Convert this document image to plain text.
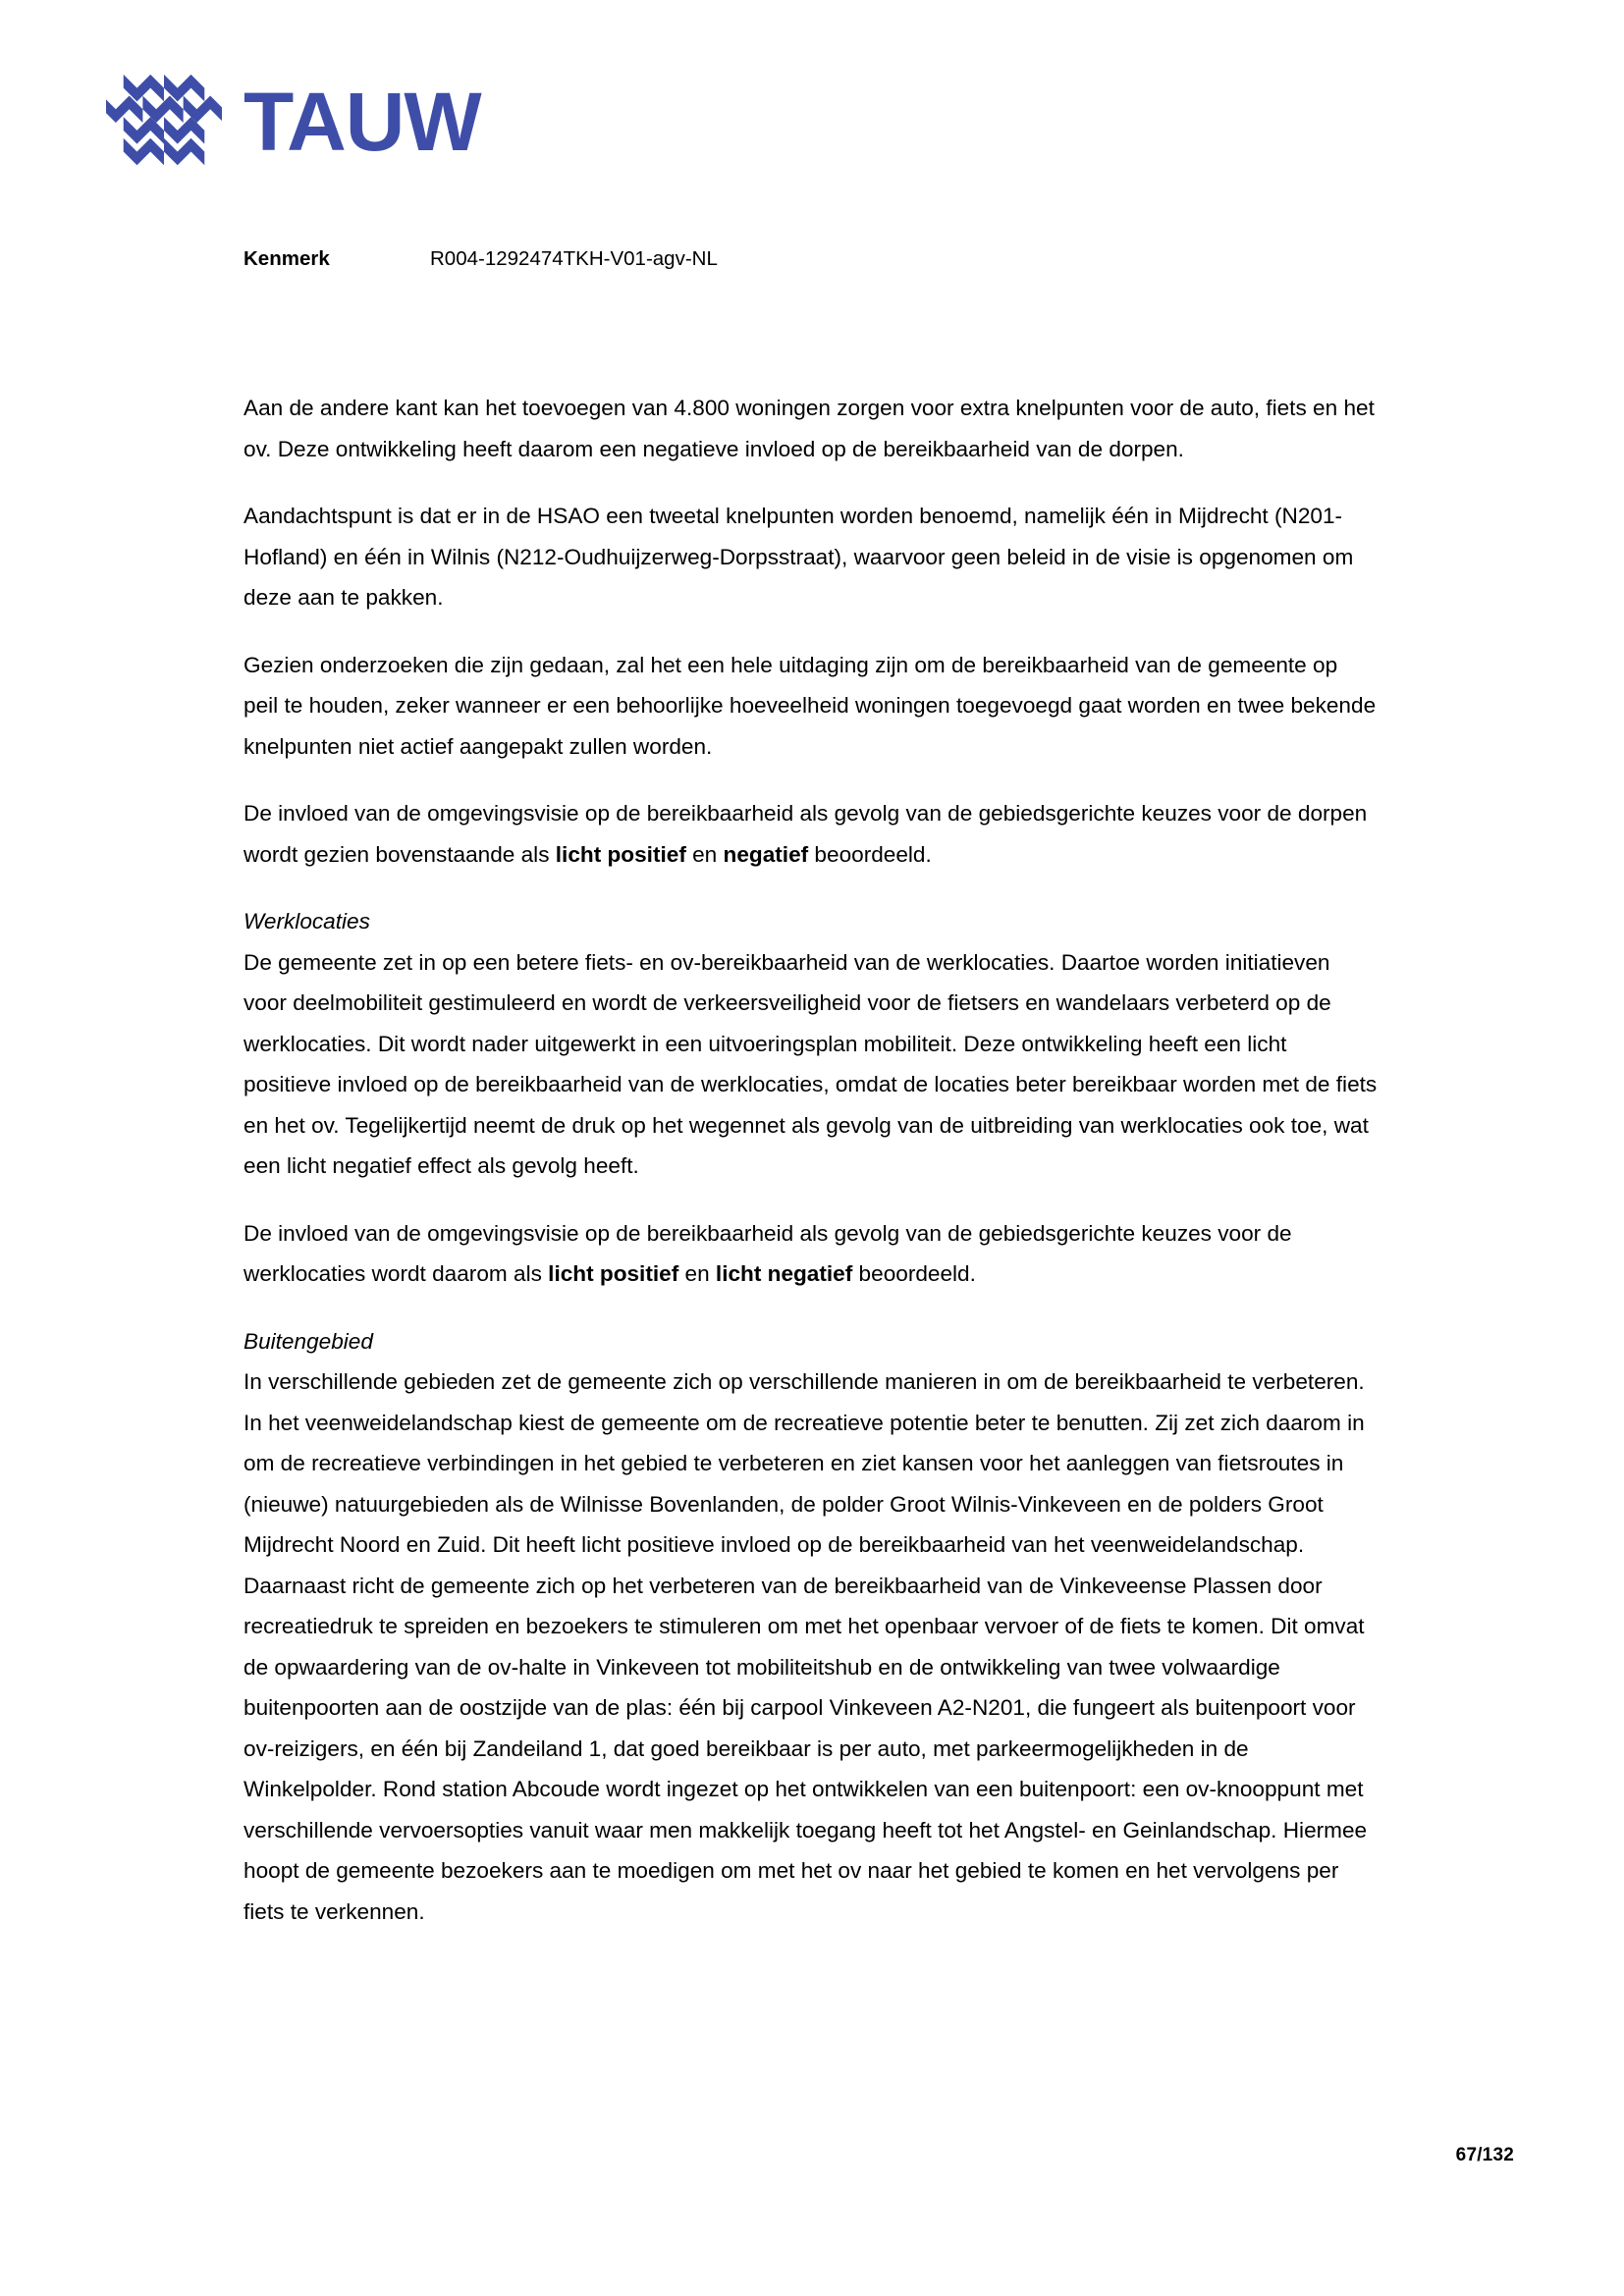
TAUW
Kenmerk	R004-1292474TKH-V01-agv-NL

Aan de andere kant kan het toevoegen van 4.800 woningen zorgen voor extra knelpunten voor de auto, fiets en het ov. Deze ontwikkeling heeft daarom een negatieve invloed op de bereikbaarheid van de dorpen.

Aandachtspunt is dat er in de HSAO een tweetal knelpunten worden benoemd, namelijk één in Mijdrecht (N201-Hofland) en één in Wilnis (N212-Oudhuijzerweg-Dorpsstraat), waarvoor geen beleid in de visie is opgenomen om deze aan te pakken.

Gezien onderzoeken die zijn gedaan, zal het een hele uitdaging zijn om de bereikbaarheid van de gemeente op peil te houden, zeker wanneer er een behoorlijke hoeveelheid woningen toegevoegd gaat worden en twee bekende knelpunten niet actief aangepakt zullen worden.

De invloed van de omgevingsvisie op de bereikbaarheid als gevolg van de gebiedsgerichte keuzes voor de dorpen wordt gezien bovenstaande als licht positief en negatief beoordeeld.

Werklocaties

De gemeente zet in op een betere fiets- en ov-bereikbaarheid van de werklocaties. Daartoe worden initiatieven voor deelmobiliteit gestimuleerd en wordt de verkeersveiligheid voor de fietsers en wandelaars verbeterd op de werklocaties. Dit wordt nader uitgewerkt in een uitvoeringsplan mobiliteit. Deze ontwikkeling heeft een licht positieve invloed op de bereikbaarheid van de werklocaties, omdat de locaties beter bereikbaar worden met de fiets en het ov. Tegelijkertijd neemt de druk op het wegennet als gevolg van de uitbreiding van werklocaties ook toe, wat een licht negatief effect als gevolg heeft.

De invloed van de omgevingsvisie op de bereikbaarheid als gevolg van de gebiedsgerichte keuzes voor de werklocaties wordt daarom als licht positief en licht negatief beoordeeld.

Buitengebied

In verschillende gebieden zet de gemeente zich op verschillende manieren in om de bereikbaarheid te verbeteren. In het veenweidelandschap kiest de gemeente om de recreatieve potentie beter te benutten. Zij zet zich daarom in om de recreatieve verbindingen in het gebied te verbeteren en ziet kansen voor het aanleggen van fietsroutes in (nieuwe) natuurgebieden als de Wilnisse Bovenlanden, de polder Groot Wilnis-Vinkeveen en de polders Groot Mijdrecht Noord en Zuid. Dit heeft licht positieve invloed op de bereikbaarheid van het veenweidelandschap. Daarnaast richt de gemeente zich op het verbeteren van de bereikbaarheid van de Vinkeveense Plassen door recreatiedruk te spreiden en bezoekers te stimuleren om met het openbaar vervoer of de fiets te komen. Dit omvat de opwaardering van de ov-halte in Vinkeveen tot mobiliteitshub en de ontwikkeling van twee volwaardige buitenpoorten aan de oostzijde van de plas: één bij carpool Vinkeveen A2-N201, die fungeert als buitenpoort voor ov-reizigers, en één bij Zandeiland 1, dat goed bereikbaar is per auto, met parkeermogelijkheden in de Winkelpolder. Rond station Abcoude wordt ingezet op het ontwikkelen van een buitenpoort: een ov-knooppunt met verschillende vervoersopties vanuit waar men makkelijk toegang heeft tot het Angstel- en Geinlandschap. Hiermee hoopt de gemeente bezoekers aan te moedigen om met het ov naar het gebied te komen en het vervolgens per fiets te verkennen.

67/132
